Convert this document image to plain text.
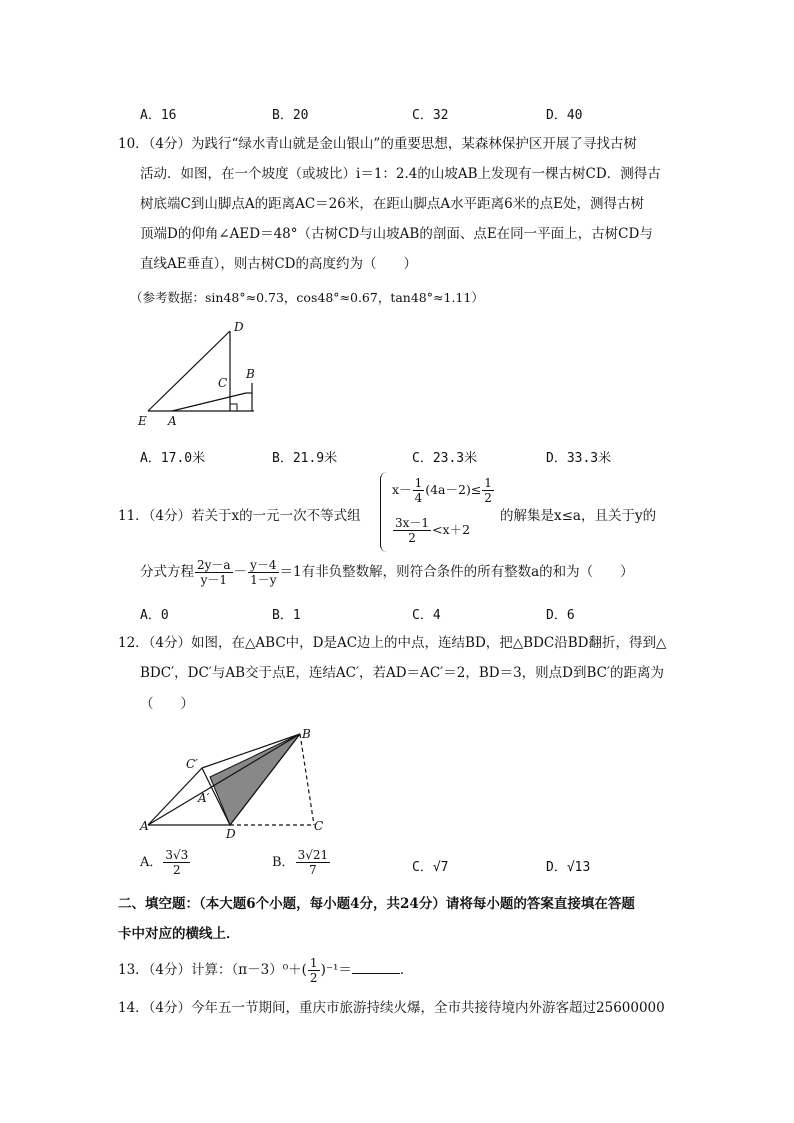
A．16	B．20	C．32	D．40
10．（4分）为践行“绿水青山就是金山银山”的重要思想，某森林保护区开展了寻找古树
活动．如图，在一个坡度（或坡比）i＝1：2.4的山坡AB上发现有一棵古树CD．测得古
树底端C到山脚点A的距离AC＝26米，在距山脚点A水平距离6米的点E处，测得古树
顶端D的仰角∠AED＝48°（古树CD与山坡AB的剖面、点E在同一平面上，古树CD与
直线AE垂直），则古树CD的高度约为（　　）
（参考数据：sin48°≈0.73，cos48°≈0.67，tan48°≈1.11）
D
C
B
E A
A．17.0米	B．21.9米	C．23.3米	D．33.3米
11．（4分）若关于x的一元一次不等式组
$x- \frac{1}{4} (4a-2)\le \frac{1}{2}$
$\frac{3x-1}{2} <x+2$
的解集是x≤a，且关于y的
分式方程 $\frac{2y-a}{y-1} - \frac{y-4}{1-y} =1$有非负整数解，则符合条件的所有整数a的和为（　　）
A．0	B．1	C．4	D．6
12．（4分）如图，在△ABC中，D是AC边上的中点，连结BD，把△BDC沿BD翻折，得到△
BDC′，DC′与AB交于点E，连结AC′，若AD＝AC′＝2，BD＝3，则点D到BC′的距离为
（　　）
B
C′
A′
A
D
C
A． $\frac{3√3}{2}$	B． $\frac{3√21}{7}$	C．√7	D．√13
二、填空题：（本大题6个小题，每小题4分，共24分）请将每小题的答案直接填在答题
卡中对应的横线上．
13．（4分）计算：$(\pi-3)^0+( \frac{1}{2} )^{-1}=$	．
14．（4分）今年五一节期间，重庆市旅游持续火爆，全市共接待境内外游客超过25600000
